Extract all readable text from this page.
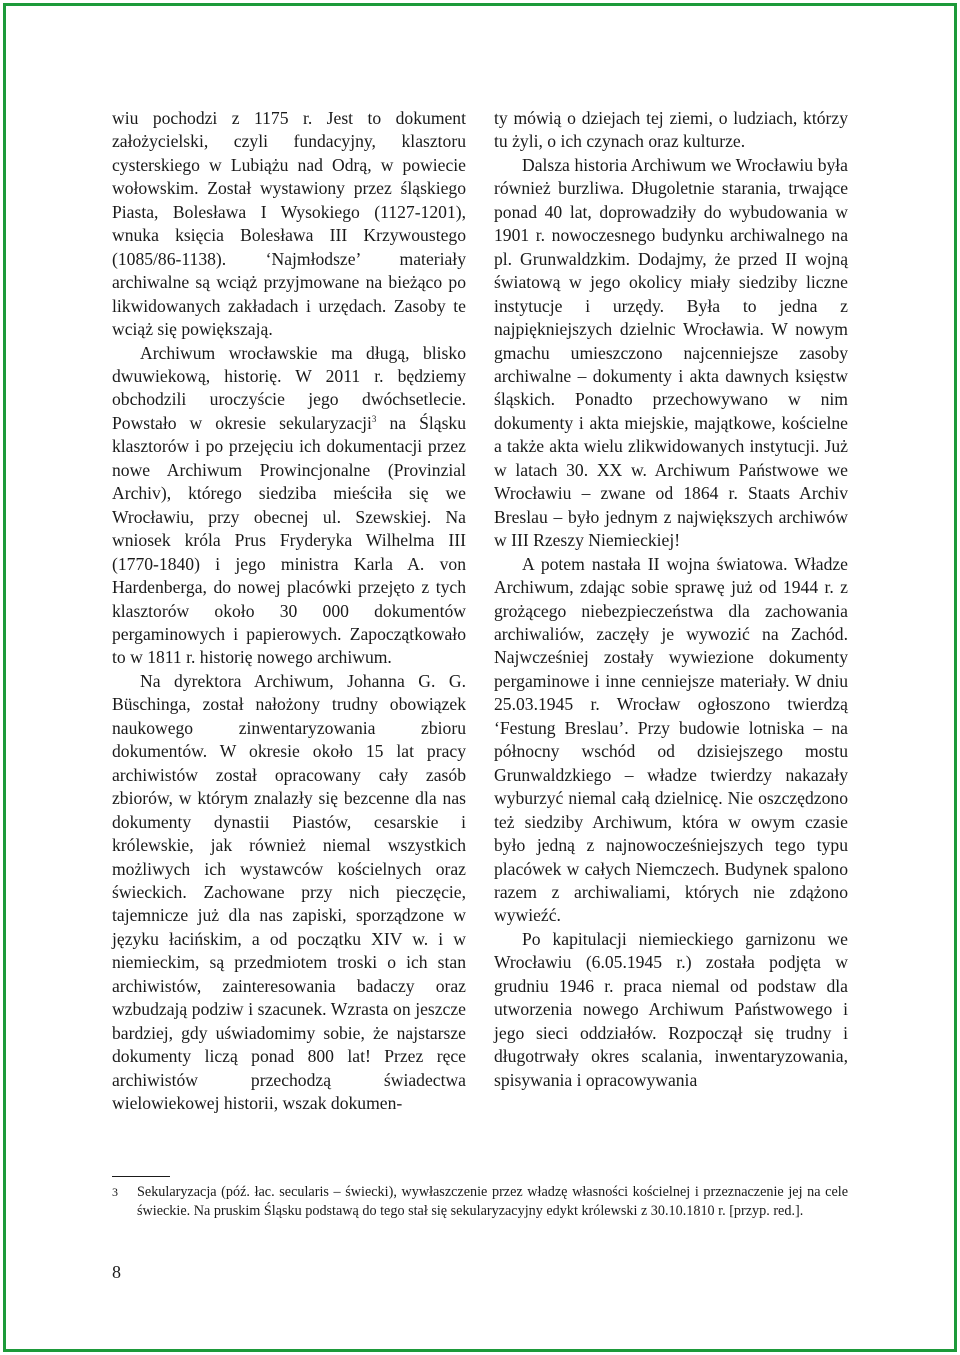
wiu pochodzi z 1175 r. Jest to dokument założycielski, czyli fundacyjny, klasztoru cysterskiego w Lubiążu nad Odrą, w powiecie wołowskim. Został wystawiony przez śląskiego Piasta, Bolesława I Wysokiego (1127-1201), wnuka księcia Bolesława III Krzywoustego (1085/86-1138). ‘Najmłodsze’ materiały archiwalne są wciąż przyjmowane na bieżąco po likwidowanych zakładach i urzędach. Zasoby te wciąż się powiększają.

Archiwum wrocławskie ma długą, blisko dwuwiekową, historię. W 2011 r. będziemy obchodzili uroczyście jego dwóchsetlecie. Powstało w okresie sekularyzacji$^3$ na Śląsku klasztorów i po przejęciu ich dokumentacji przez nowe Archiwum Prowincjonalne (Provinzial Archiv), którego siedziba mieściła się we Wrocławiu, przy obecnej ul. Szewskiej. Na wniosek króla Prus Fryderyka Wilhelma III (1770-1840) i jego ministra Karla A. von Hardenberga, do nowej placówki przejęto z tych klasztorów około 30 000 dokumentów pergaminowych i papierowych. Zapoczątkowało to w 1811 r. historię nowego archiwum.

Na dyrektora Archiwum, Johanna G. G. Büschinga, został nałożony trudny obowiązek naukowego zinwentaryzowania zbioru dokumentów. W okresie około 15 lat pracy archiwistów został opracowany cały zasób zbiorów, w którym znalazły się bezcenne dla nas dokumenty dynastii Piastów, cesarskie i królewskie, jak również niemal wszystkich możliwych ich wystawców kościelnych oraz świeckich. Zachowane przy nich pieczęcie, tajemnicze już dla nas zapiski, sporządzone w języku łacińskim, a od początku XIV w. i w niemieckim, są przedmiotem troski o ich stan archiwistów, zainteresowania badaczy oraz wzbudzają podziw i szacunek. Wzrasta on jeszcze bardziej, gdy uświadomimy sobie, że najstarsze dokumenty liczą ponad 800 lat! Przez ręce archiwistów przechodzą świadectwa wielowiekowej historii, wszak dokumen-

ty mówią o dziejach tej ziemi, o ludziach, którzy tu żyli, o ich czynach oraz kulturze.

Dalsza historia Archiwum we Wrocławiu była również burzliwa. Długoletnie starania, trwające ponad 40 lat, doprowadziły do wybudowania w 1901 r. nowoczesnego budynku archiwalnego na pl. Grunwaldzkim. Dodajmy, że przed II wojną światową w jego okolicy miały siedziby liczne instytucje i urzędy. Była to jedna z najpiękniejszych dzielnic Wrocławia. W nowym gmachu umieszczono najcenniejsze zasoby archiwalne – dokumenty i akta dawnych księstw śląskich. Ponadto przechowywano w nim dokumenty i akta miejskie, majątkowe, kościelne a także akta wielu zlikwidowanych instytucji. Już w latach 30. XX w. Archiwum Państwowe we Wrocławiu – zwane od 1864 r. Staats Archiv Breslau – było jednym z największych archiwów w III Rzeszy Niemieckiej!

A potem nastała II wojna światowa. Władze Archiwum, zdając sobie sprawę już od 1944 r. z grożącego niebezpieczeństwa dla zachowania archiwaliów, zaczęły je wywozić na Zachód. Najwcześniej zostały wywiezione dokumenty pergaminowe i inne cenniejsze materiały. W dniu 25.03.1945 r. Wrocław ogłoszono twierdzą ‘Festung Breslau’. Przy budowie lotniska – na północny wschód od dzisiejszego mostu Grunwaldzkiego – władze twierdzy nakazały wyburzyć niemal całą dzielnicę. Nie oszczędzono też siedziby Archiwum, która w owym czasie było jedną z najnowocześniejszych tego typu placówek w całych Niemczech. Budynek spalono razem z archiwaliami, których nie zdążono wywieźć.

Po kapitulacji niemieckiego garnizonu we Wrocławiu (6.05.1945 r.) została podjęta w grudniu 1946 r. praca niemal od podstaw dla utworzenia nowego Archiwum Państwowego i jego sieci oddziałów. Rozpoczął się trudny i długotrwały okres scalania, inwentaryzowania, spisywania i opracowywania

3 Sekularyzacja (póź. łac. secularis – świecki), wywłaszczenie przez władzę własności kościelnej i przeznaczenie jej na cele świeckie. Na pruskim Śląsku podstawą do tego stał się sekularyzacyjny edykt królewski z 30.10.1810 r. [przyp. red.].
8
